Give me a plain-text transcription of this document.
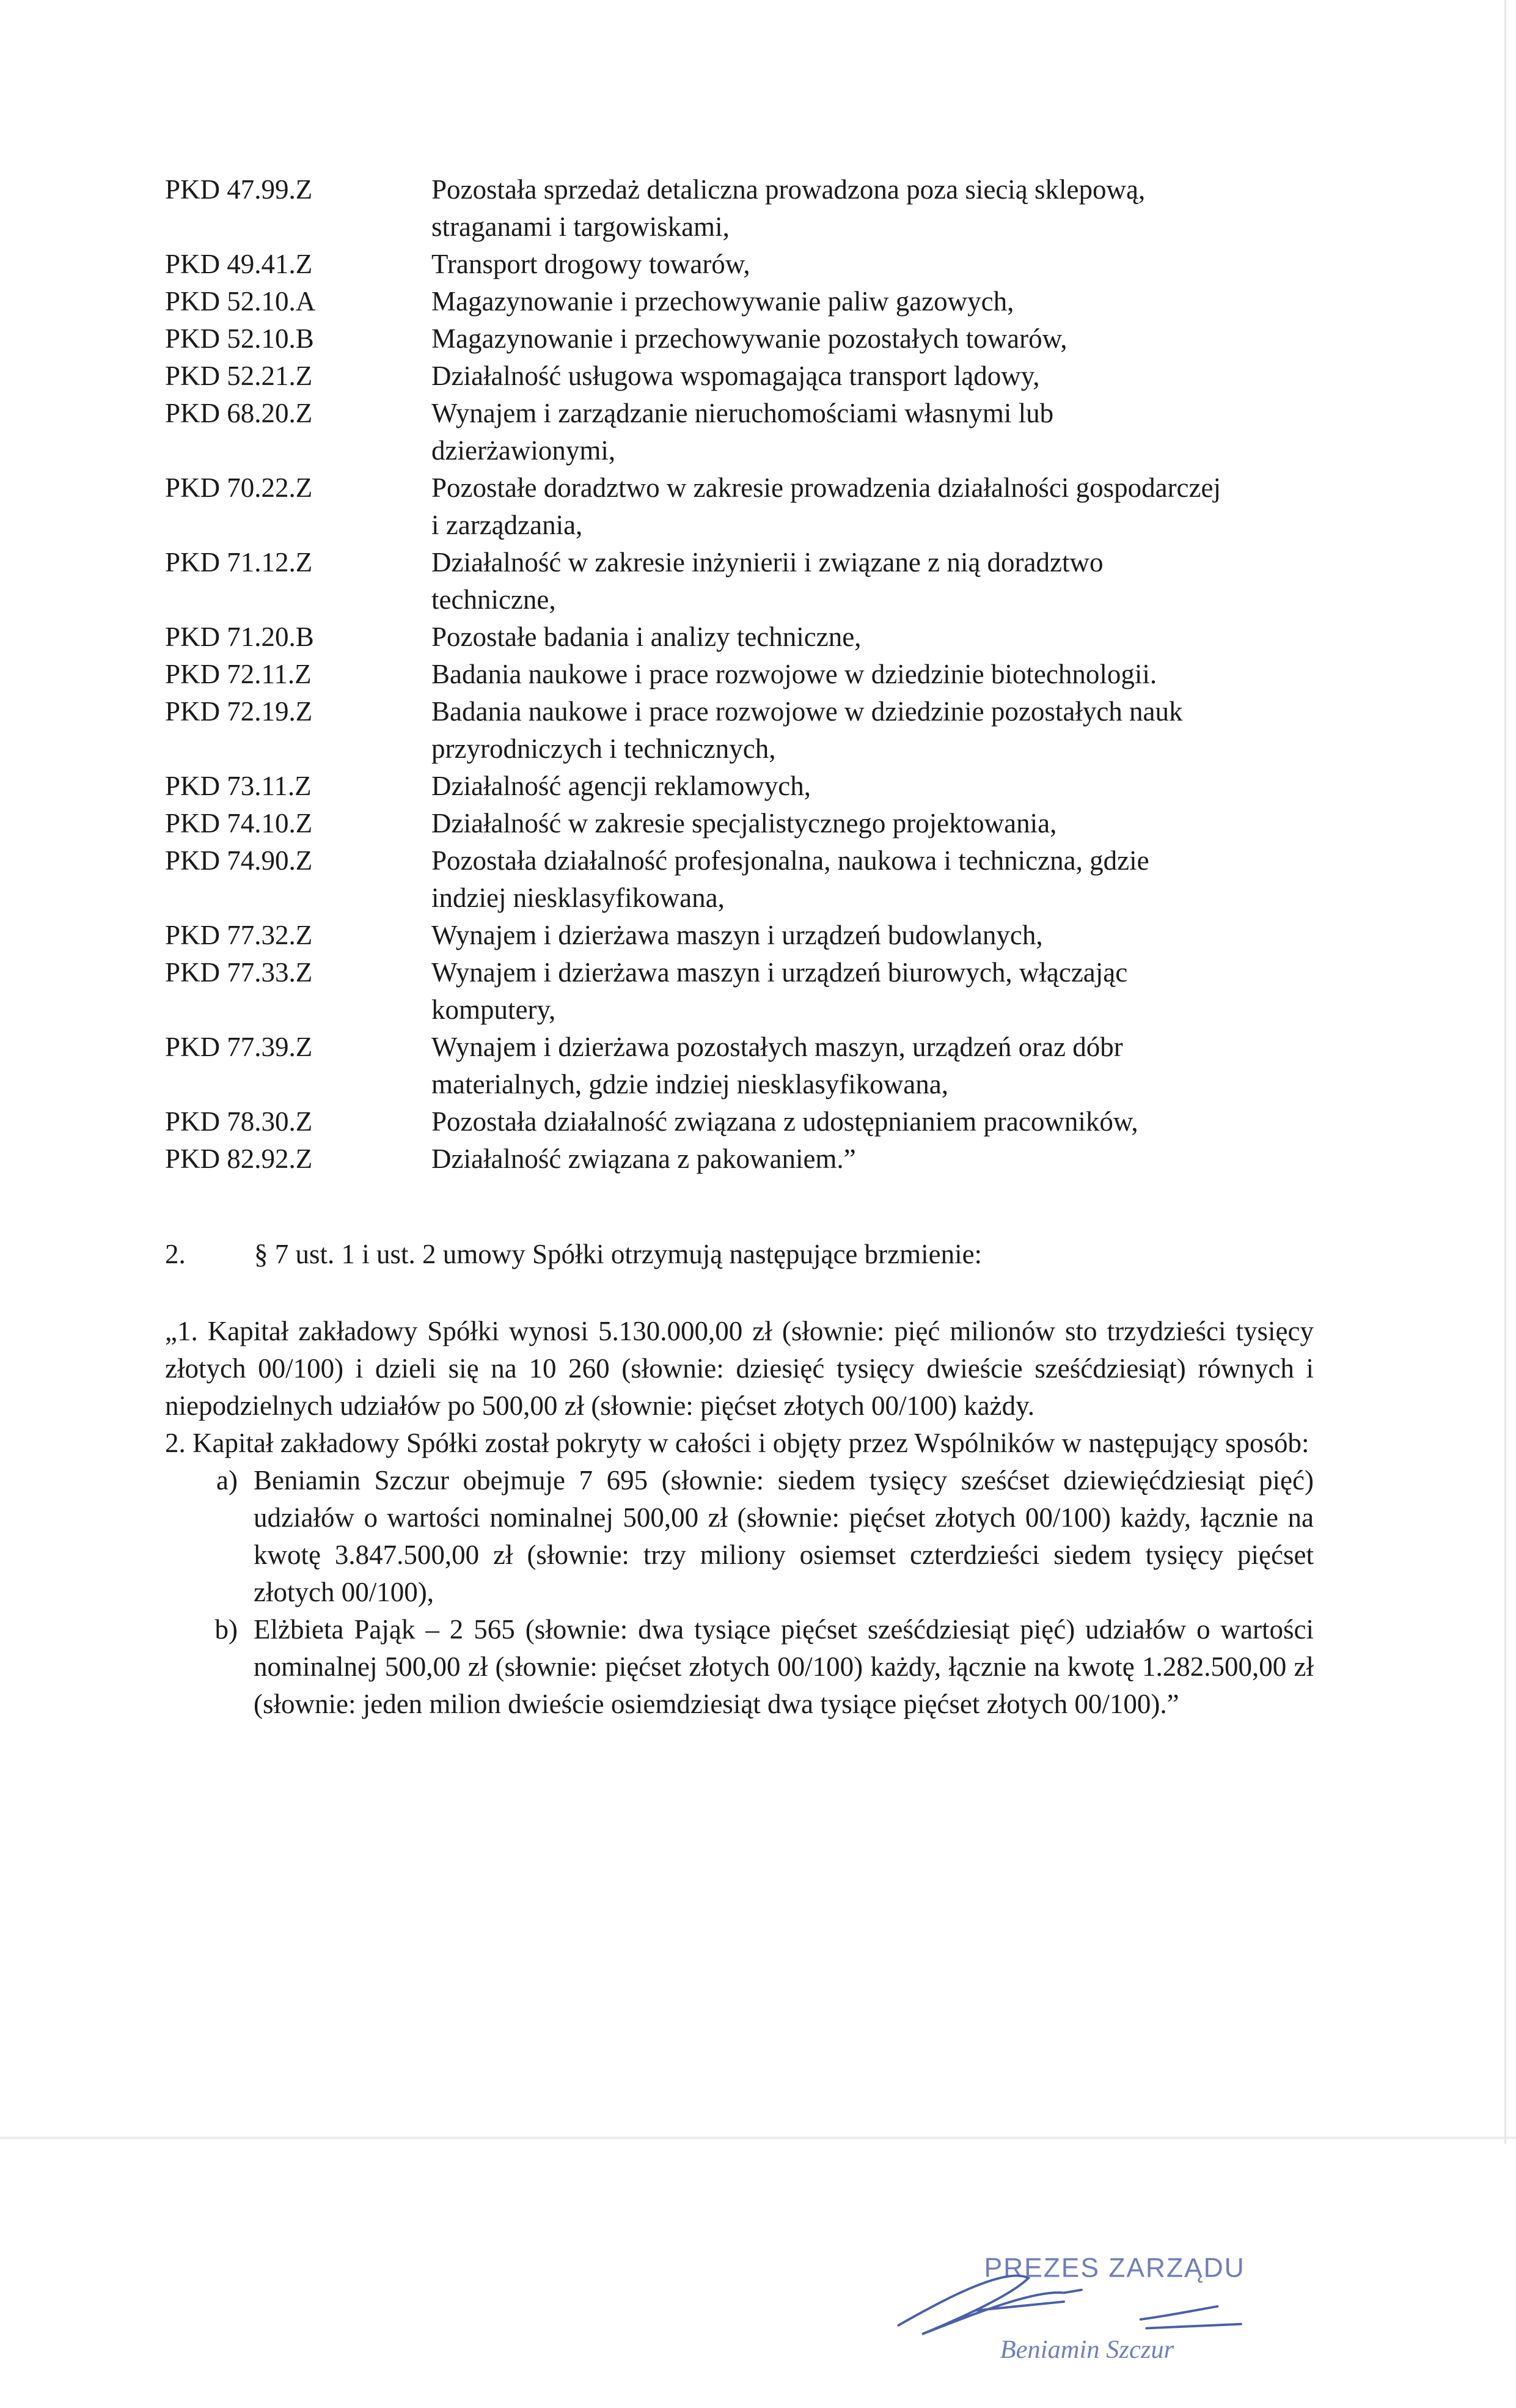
PKD 47.99.Z	Pozostała sprzedaż detaliczna prowadzona poza siecią sklepową,
straganami i targowiskami,
PKD 49.41.Z	Transport drogowy towarów,
PKD 52.10.A	Magazynowanie i przechowywanie paliw gazowych,
PKD 52.10.B	Magazynowanie i przechowywanie pozostałych towarów,
PKD 52.21.Z	Działalność usługowa wspomagająca transport lądowy,
PKD 68.20.Z	Wynajem i zarządzanie nieruchomościami własnymi lub
dzierżawionymi,
PKD 70.22.Z	Pozostałe doradztwo w zakresie prowadzenia działalności gospodarczej
i zarządzania,
PKD 71.12.Z	Działalność w zakresie inżynierii i związane z nią doradztwo
techniczne,
PKD 71.20.B	Pozostałe badania i analizy techniczne,
PKD 72.11.Z	Badania naukowe i prace rozwojowe w dziedzinie biotechnologii.
PKD 72.19.Z	Badania naukowe i prace rozwojowe w dziedzinie pozostałych nauk
przyrodniczych i technicznych,
PKD 73.11.Z	Działalność agencji reklamowych,
PKD 74.10.Z	Działalność w zakresie specjalistycznego projektowania,
PKD 74.90.Z	Pozostała działalność profesjonalna, naukowa i techniczna, gdzie
indziej niesklasyfikowana,
PKD 77.32.Z	Wynajem i dzierżawa maszyn i urządzeń budowlanych,
PKD 77.33.Z	Wynajem i dzierżawa maszyn i urządzeń biurowych, włączając
komputery,
PKD 77.39.Z	Wynajem i dzierżawa pozostałych maszyn, urządzeń oraz dóbr
materialnych, gdzie indziej niesklasyfikowana,
PKD 78.30.Z	Pozostała działalność związana z udostępnianiem pracowników,
PKD 82.92.Z	Działalność związana z pakowaniem.”
2. § 7 ust. 1 i ust. 2 umowy Spółki otrzymują następujące brzmienie:

„1. Kapitał zakładowy Spółki wynosi 5.130.000,00 zł (słownie: pięć milionów sto trzydzieści tysięcy złotych 00/100) i dzieli się na 10 260 (słownie: dziesięć tysięcy dwieście sześćdziesiąt) równych i niepodzielnych udziałów po 500,00 zł (słownie: pięćset złotych 00/100) każdy.

2. Kapitał zakładowy Spółki został pokryty w całości i objęty przez Wspólników w następujący sposób:

a) Beniamin Szczur obejmuje 7 695 (słownie: siedem tysięcy sześćset dziewięćdziesiąt pięć) udziałów o wartości nominalnej 500,00 zł (słownie: pięćset złotych 00/100) każdy, łącznie na kwotę 3.847.500,00 zł (słownie: trzy miliony osiemset czterdzieści siedem tysięcy pięćset złotych 00/100),
b) Elżbieta Pająk – 2 565 (słownie: dwa tysiące pięćset sześćdziesiąt pięć) udziałów o wartości nominalnej 500,00 zł (słownie: pięćset złotych 00/100) każdy, łącznie na kwotę 1.282.500,00 zł (słownie: jeden milion dwieście osiemdziesiąt dwa tysiące pięćset złotych 00/100).”
PREZES ZARZĄDU
Beniamin Szczur
